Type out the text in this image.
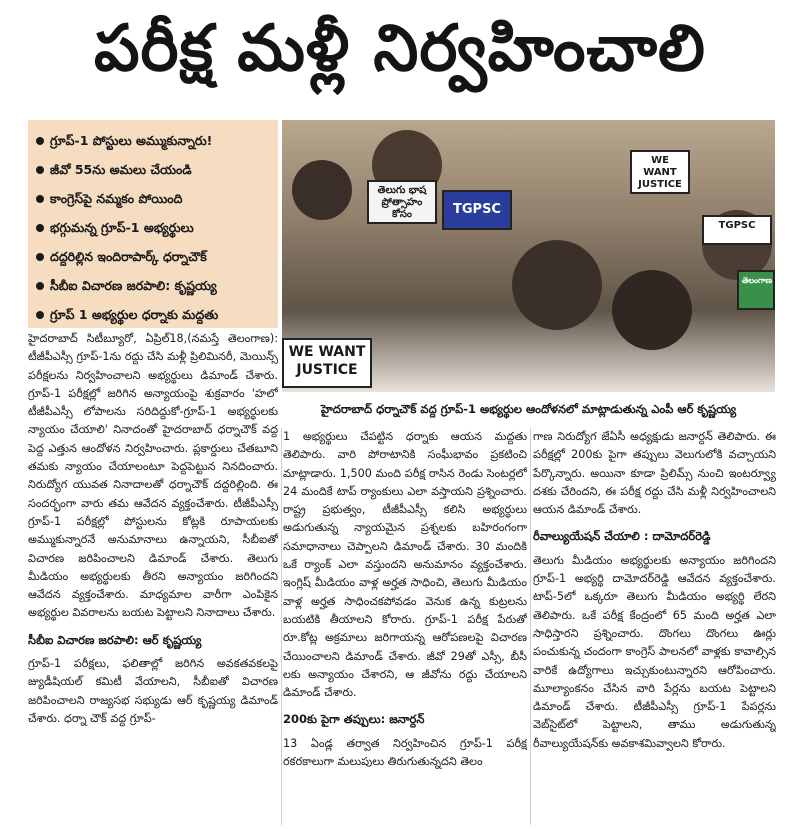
పరీక్ష మళ్లీ నిర్వహించాలి
గ్రూప్‌-1 పోస్టులు అమ్ముకున్నారు!
జీవో 55ను అమలు చేయండి
కాంగ్రెస్‌పై నమ్మకం పోయింది
భగ్గుమన్న గ్రూప్‌-1 అభ్యర్థులు
దద్దరిల్లిన ఇందిరాపార్క్‌ ధర్నాచౌక్‌
సీబీఐ విచారణ జరపాలి: కృష్ణయ్య
గ్రూప్‌ 1 అభ్యర్థుల ధర్నాకు మద్దతు
WE WANT JUSTICE
TGPSC
WE WANT JUSTICE
తెలుగు భాష ప్రోత్సాహం కోసం
TGPSC
తెలంగాణ
హైదరాబాద్‌ ధర్నాచౌక్‌ వద్ద గ్రూప్‌-1 అభ్యర్థుల ఆందోళనలో మాట్లాడుతున్న ఎంపీ ఆర్‌ కృష్ణయ్య

హైదరాబాద్‌ సిటీబ్యూరో, ఏప్రిల్‌18,(నమస్తే తెలంగాణ): టీజీపీఎస్సీ గ్రూప్‌-1ను రద్దు చేసి మళ్లీ ప్రిలిమినరీ, మెయిన్స్‌ పరీక్షలను నిర్వహించాలని అభ్యర్థులు డిమాండ్‌ చేశారు. గ్రూప్‌-1 పరీక్షల్లో జరిగిన అన్యాయంపై శుక్రవారం 'హలో టీజీపీఎస్సీ లోపాలను సరిదిద్దుకో-గ్రూప్‌-1 అభ్యర్థులకు న్యాయం చేయాలి' నినాదంతో హైదరాబాద్‌ ధర్నాచౌక్‌ వద్ద పెద్ద ఎత్తున ఆందోళన నిర్వహించారు. ప్లకార్డులు చేతబూని తమకు న్యాయం చేయాలంటూ పెద్దపెట్టున నినదించారు. నిరుద్యోగ యువత నినాదాలతో ధర్నాచౌక్‌ దద్దరిల్లింది. ఈ సందర్భంగా వారు తమ ఆవేదన వ్యక్తంచేశారు. టీజీపీఎస్సీ గ్రూప్‌-1 పరీక్షల్లో పోస్టులను కోట్లకి రూపాయలకు అమ్ముకున్నారనే అనుమానాలు ఉన్నాయని, సీబీఐతో విచారణ జరిపించాలని డిమాండ్‌ చేశారు. తెలుగు మీడియం అభ్యర్థులకు తీరని అన్యాయం జరిగిందని ఆవేదన వ్యక్తంచేశారు. మాధ్యమాల వారీగా ఎంపికైన అభ్యర్థుల వివరాలను బయట పెట్టాలని నినాదాలు చేశారు.

సీబీఐ విచారణ జరపాలి: ఆర్‌ కృష్ణయ్య

గ్రూప్‌-1 పరీక్షలు, ఫలితాల్లో జరిగిన అవకతవకలపై జ్యుడీషియల్‌ కమిటీ వేయాలని, సీబీఐతో విచారణ జరిపించాలని రాజ్యసభ సభ్యుడు ఆర్‌ కృష్ణయ్య డిమాండ్‌ చేశారు. ధర్నా చౌక్‌ వద్ద గ్రూప్‌-

1 అభ్యర్థులు చేపట్టిన ధర్నాకు ఆయన మద్దతు తెలిపారు. వారి పోరాటానికి సంఘీభావం ప్రకటించి మాట్లాడారు. 1,500 మంది పరీక్ష రాసిన రెండు సెంటర్లలో 24 మందికే టాప్‌ ర్యాంకులు ఎలా వస్తాయని ప్రశ్నించారు. రాష్ట్ర ప్రభుత్వం, టీజీపీఎస్సీ కలిసి అభ్యర్థులు అడుగుతున్న న్యాయమైన ప్రశ్నలకు బహిరంగంగా సమాధానాలు చెప్పాలని డిమాండ్‌ చేశారు. 30 మందికి ఒకే ర్యాంక్‌ ఎలా వస్తుందని అనుమానం వ్యక్తంచేశారు. ఇంగ్లిష్‌ మీడియం వాళ్ల అర్హత సాధించి, తెలుగు మీడియం వాళ్ల అర్హత సాధించకపోవడం వెనుక ఉన్న కుట్రలను బయటికి తీయాలని కోరారు. గ్రూప్‌-1 పరీక్ష పేరుతో రూ.కోట్ల అక్రమాలు జరిగాయన్న ఆరోపణలపై విచారణ చేయించాలని డిమాండ్‌ చేశారు. జీవో 29తో ఎస్సీ, బీసీ లకు అన్యాయం చేశారని, ఆ జీవోను రద్దు చేయాలని డిమాండ్‌ చేశారు.

200కు పైగా తప్పులు: జనార్దన్‌

13 ఏండ్ల తర్వాత నిర్వహించిన గ్రూప్‌-1 పరీక్ష రకరకాలుగా మలుపులు తిరుగుతున్నదని తెలం

గాణ నిరుద్యోగ జేఏసీ అధ్యక్షుడు జనార్దన్‌ తెలిపారు. ఈ పరీక్షల్లో 200కు పైగా తప్పులు వెలుగులోకి వచ్చాయని పేర్కొన్నారు. అయినా కూడా ప్రిలిమ్స్‌ నుంచి ఇంటర్వ్యూ దశకు చేరిందని, ఈ పరీక్ష రద్దు చేసి మళ్లీ నిర్వహించాలని ఆయన డిమాండ్‌ చేశారు.

రీవాల్యుయేషన్‌ చేయాలి : దామోదర్‌రెడ్డి

తెలుగు మీడియం అభ్యర్థులకు అన్యాయం జరిగిందని గ్రూప్‌-1 అభ్యర్థి దామోదర్‌రెడ్డి ఆవేదన వ్యక్తంచేశారు. టాప్‌-5లో ఒక్కరూ తెలుగు మీడియం అభ్యర్థి లేరని తెలిపారు. ఒకే పరీక్ష కేంద్రంలో 65 మంది అర్హత ఎలా సాధిస్తారని ప్రశ్నించారు. దొంగలు దొంగలు ఊర్లు పంచుకున్న చందంగా కాంగ్రెస్‌ పాలనలో వాళ్లకు కావాల్సిన వారికే ఉద్యోగాలు ఇచ్చుకుంటున్నారని ఆరోపించారు. మూల్యాంకనం చేసిన వారి పేర్లను బయట పెట్టాలని డిమాండ్‌ చేశారు. టీజీపీఎస్సీ గ్రూప్‌-1 పేపర్లను వెబ్‌సైట్‌లో పెట్టాలని, తాము అడుగుతున్న రీవాల్యుయేషన్‌కు అవకాశమివ్వాలని కోరారు.
